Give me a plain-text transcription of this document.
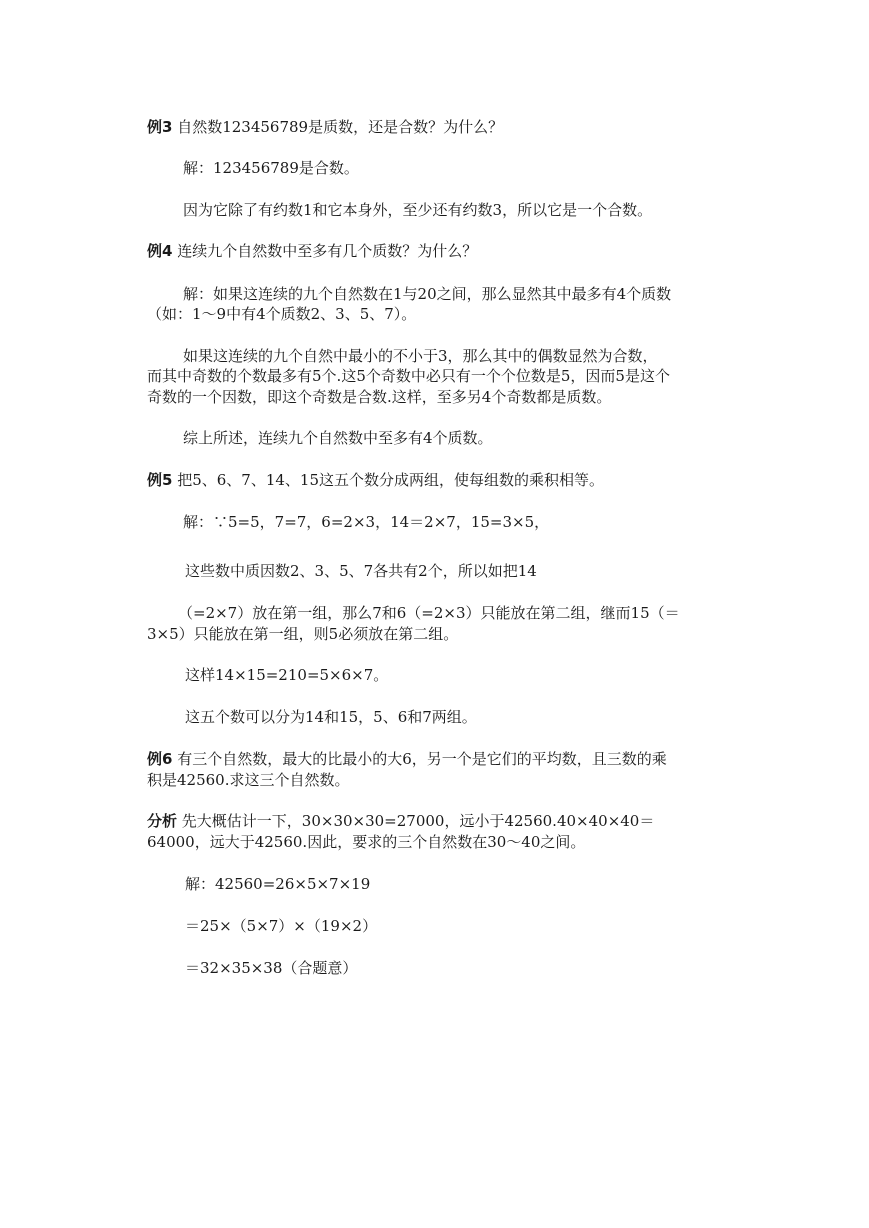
例3 自然数123456789是质数，还是合数？为什么？
解：123456789是合数。
因为它除了有约数1和它本身外，至少还有约数3，所以它是一个合数。
例4 连续九个自然数中至多有几个质数？为什么？
解：如果这连续的九个自然数在1与20之间，那么显然其中最多有4个质数
（如：1～9中有4个质数2、3、5、7）。
如果这连续的九个自然中最小的不小于3，那么其中的偶数显然为合数，
而其中奇数的个数最多有5个.这5个奇数中必只有一个个位数是5，因而5是这个
奇数的一个因数，即这个奇数是合数.这样，至多另4个奇数都是质数。
综上所述，连续九个自然数中至多有4个质数。
例5 把5、6、7、14、15这五个数分成两组，使每组数的乘积相等。
解：∵5=5，7=7，6=2×3，14＝2×7，15=3×5，
这些数中质因数2、3、5、7各共有2个，所以如把14
（=2×7）放在第一组，那么7和6（=2×3）只能放在第二组，继而15（＝
3×5）只能放在第一组，则5必须放在第二组。
这样14×15=210=5×6×7。
这五个数可以分为14和15，5、6和7两组。
例6 有三个自然数，最大的比最小的大6，另一个是它们的平均数，且三数的乘
积是42560.求这三个自然数。
分析 先大概估计一下，30×30×30=27000，远小于42560.40×40×40＝
64000，远大于42560.因此，要求的三个自然数在30～40之间。
解：42560=26×5×7×19
＝25×（5×7）×（19×2）
＝32×35×38（合题意）
